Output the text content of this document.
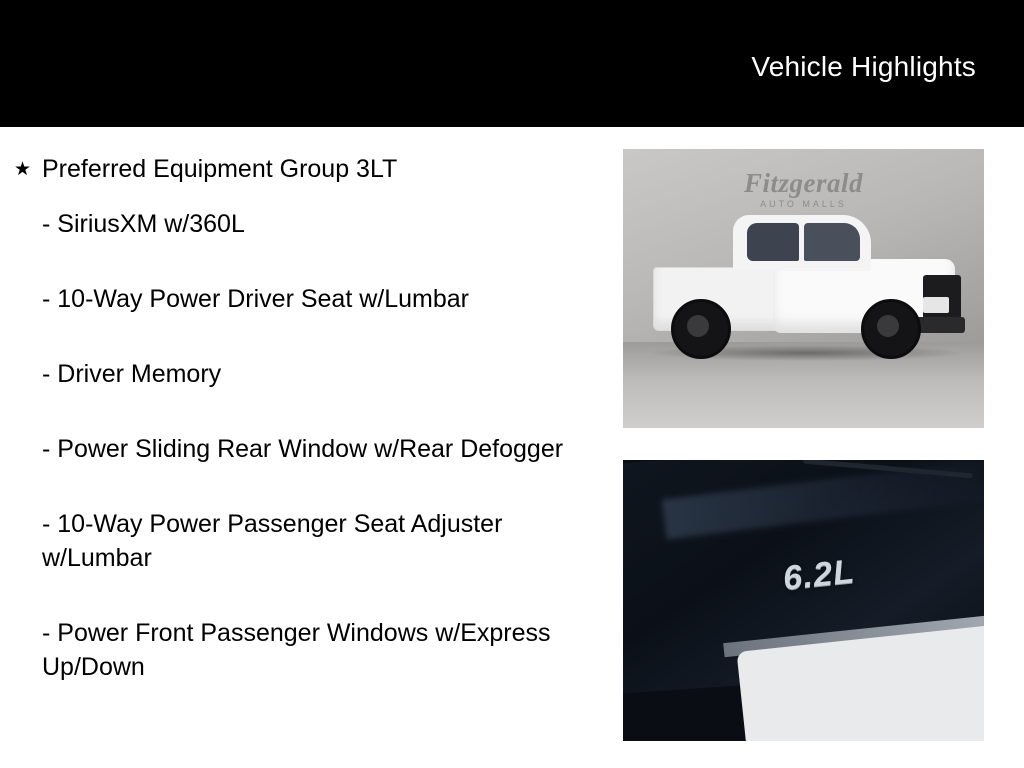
Vehicle Highlights
★ Preferred Equipment Group 3LT
- SiriusXM w/360L
- 10-Way Power Driver Seat w/Lumbar
- Driver Memory
- Power Sliding Rear Window w/Rear Defogger
- 10-Way Power Passenger Seat Adjuster w/Lumbar
- Power Front Passenger Windows w/Express Up/Down
Fitzgerald
AUTO MALLS
6.2L
